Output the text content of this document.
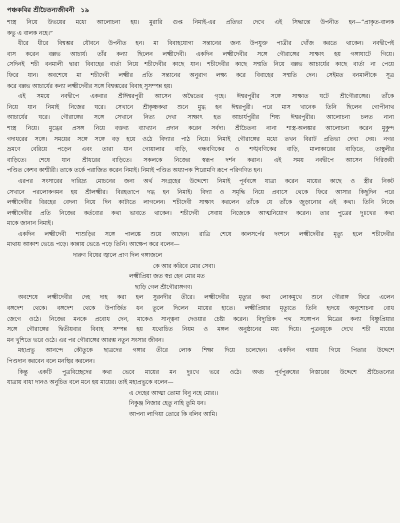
পঞ্চকবির শ্রীচৈতন্যজীবনী ১৯
শাস্ত্র নিয়ে উভয়ের মধ্যে আলোচনা হয়। মুরারি গুপ্ত নিমাই-এর প্রতিভা দেখে এই সিদ্ধান্তে উপনীত হন—“প্রাকৃত-বালক
কভু এ বালক নহে।”
ধীরে ধীরে বিশ্বম্ভর যৌবনে উপনীত হন। মা বিবাহযোগ্য সন্তানের জন্য উপযুক্ত পাত্রীর খোঁজ করতে থাকেন। নবদ্বীপেই
বাস করেন বল্লভ আচার্য। তাঁর কন্যা ছিলেন লক্ষ্মীদেবী। একদিন লক্ষ্মীদেবীর সঙ্গে গৌরাঙ্গের সাক্ষাৎ হয় গঙ্গাঘাটে গিয়ে।
সেদিনই শচী বনমালী দ্বারা বিবাহের বার্তা নিয়ে শচীদেবীর কাছে যান। শচীদেবীর কাছে সম্মতি নিয়ে বল্লভ আচার্যের কাছে বার্তা না পেয়ে
ফিরে যান। অবশেষে মা শচীদেবী লক্ষ্মীর প্রতি সন্তানের অনুরাগ লক্ষ্য করে বিবাহের সম্মতি দেন। সেইমত বনমালীকে সূত্র
করে বল্লভ আচার্যের কন্যা লক্ষ্মীদেবীর সঙ্গে বিশ্বম্ভরের বিবাহ সুসম্পন্ন হয়।
এই সময়ে নবদ্বীপে একবার শ্রীঈশ্বরপুরী আসেন অদ্বৈতের গৃহে। ঈশ্বরপুরীর সঙ্গে সাক্ষাত ঘটে শ্রীগৌরাঙ্গের। তাঁকে
নিয়ে যান নিমাই নিজের ঘরে। সেখানে শ্রীকৃষ্ণকথা শুনে মুগ্ধ হন ঈশ্বরপুরী। পরে মাস খানেক তিনি ছিলেন গোপীনাথ
আচার্যের ঘরে। গৌরাঙ্গের সঙ্গে সেখানে নিত্য দেখা সাক্ষাৎ হত আচার্যপুরীর শিষ্য ঈশ্বরপুরীর। আলোচনা চলত নানা
শাস্ত্র নিয়ে। মুগ্ধের প্রসঙ্গ নিয়ে বক্তব্য ব্যাখ্যান প্রদান করেন সর্বদা। শ্রীচৈতন্য নানা শাস্ত্র-অলঙ্কার আলোচনা করেন মুকুন্দ
গদাধরের সঙ্গে। সময়ের সঙ্গে সঙ্গে বড় হয়ে ওঠে বিদ্যার পাঠ নিয়ে। নিমাই গৌরাঙ্গের মধ্যে তখন বিরাট প্রতিভা দেখা দেয়। নগর
ভ্রমণে বেরিয়ে পড়েন এবং তারা যান গোয়ালার বাড়ি, গন্ধবণিকের ও শঙ্খবণিকের বাড়ি, মালাকারের বাড়িতে, তাম্বুলীর
বাড়িতে। শেষে যান শ্রীধরের বাড়িতে। সকলকে নিজের স্বরূপ দর্শন করান। এই সময় নবদ্বীপে আসেন দিগ্বিজয়ী
পণ্ডিত কেশব কাশ্মীরী। তাকে তর্কে পরাজিত করেন নিমাই। নিমাই পণ্ডিত অধ্যাপক শিরোমণি রূপে পরিগণিত হন।
এরপর সংসারের দারিদ্র্য মোচনের জন্য অর্থ সংগ্রহের উদ্দেশ্যে নিমাই পূর্ববঙ্গে যাত্রা করেন মায়ের কাছে ও স্ত্রীর নিকট
সেখানে পরলোকগমন হয় শ্রীলক্ষ্মীর। বিরহতাপে দগ্ধ হন নিমাই। বিদ্যা ও সমৃদ্ধি নিয়ে প্রবাসে থেকে ফিরে আসার কিছুদিন পরে
লক্ষ্মীদেবীর বিরহের বেদনা নিয়ে দিন কাটাতে লাগলেন। শচীদেবী সাক্ষাৎ করলেন তাঁকে যে তাঁকে জুড়ানোর এই কথা। তিনি নিজে
লক্ষ্মীদেবীর প্রতি নিজের কর্তব্যের কথা ভাবতে থাকেন। শচীদেবী সেবায় নিজেকে আত্মনিয়োগ করেন। তার পুত্রের দুঃখের কথা
মাকে জানান নিমাই।
একদিন লক্ষ্মীদেবী শাশুড়ির সঙ্গে পালঙ্কে শুয়ে আছেন। রাত্রি শেষে কালসর্পের দংশনে লক্ষ্মীদেবীর মৃত্যু হলে শচীদেবীর
মাথায় আকাশ ভেঙে পড়ে। কান্নায় ভেঙে পড়ে তিনি। আক্ষেপ করে বলেন—
দারুণ বিষের জ্বালে প্রাণ দিল গঙ্গাজলে
কে আর করিবে মোর সেবা।
লক্ষ্মীপ্রিয়া জত স্বপ্ন হেন মোর মত
ছাড়ি গেল শ্রীগৌরাঙ্গগণ।
অবশেষে লক্ষ্মীদেবীর দেহ দাহ করা হল সুরনদীর তীরে। লক্ষ্মীদেবীর মৃত্যুর কথা লোকমুখে শুনে গৌরাঙ্গ ফিরে এলেন
বঙ্গদেশ থেকে। বঙ্গদেশ থেকে উপার্জিত ধন তুলে দিলেন মায়ের হাতে। লক্ষ্মীপ্রিয়ার মৃত্যুতে তিনি হৃদয়ে অনুশোচনা বোধ
জেগে ওঠে। নিজের মনকে প্রবোধ দেন, মাকেও সান্ত্বনা দেওয়ার চেষ্টা করেন। বিদ্যুগ্নিক পথ সঙ্গোপন মিত্রের কন্যা বিষ্ণুপ্রিয়ার
সঙ্গে গৌরাঙ্গের দ্বিতীয়বার বিবাহ সম্পন্ন হয় যথোচিত নিয়ম ও মঙ্গল অনুষ্ঠানের মধ্য দিয়ে। পুত্রবধূকে দেখে শচী মায়ের
মন খুশিতে ভরে ওঠে। এর পর গৌরাঙ্গের আরম্ভ নতুন সংসার জীবন।
মহাপ্রভু আনন্দে কৌতুকে ছাত্রদের গঙ্গার তীরে লোক শিক্ষা দিয়ে চলেছেন। একদিন গয়ায় গিয়ে পিতার উদ্দেশে
পিণ্ডদান করবেন বলে মনস্থির করলেন।
কিন্তু একটি পুত্রবিচ্ছেদের কথা ভেবে মায়ের মন দুঃখে ভরে ওঠে। অথচ পূর্বপুরুষের নিস্তারের উদ্দেশে শ্রীচৈতন্যের
যাত্রায় বাধা দানও অনুচিত বলে মনে হয় মায়ের। তাই মহাপ্রভুকে বলেন—
এ দেহের আত্মা তোমা বিনু নহে মোর।।
নিকুঞ্জ নিজার হেতু নাহি তুমি ধন।
আপনা লাগিয়া তোরে কি বলিব আমি।
